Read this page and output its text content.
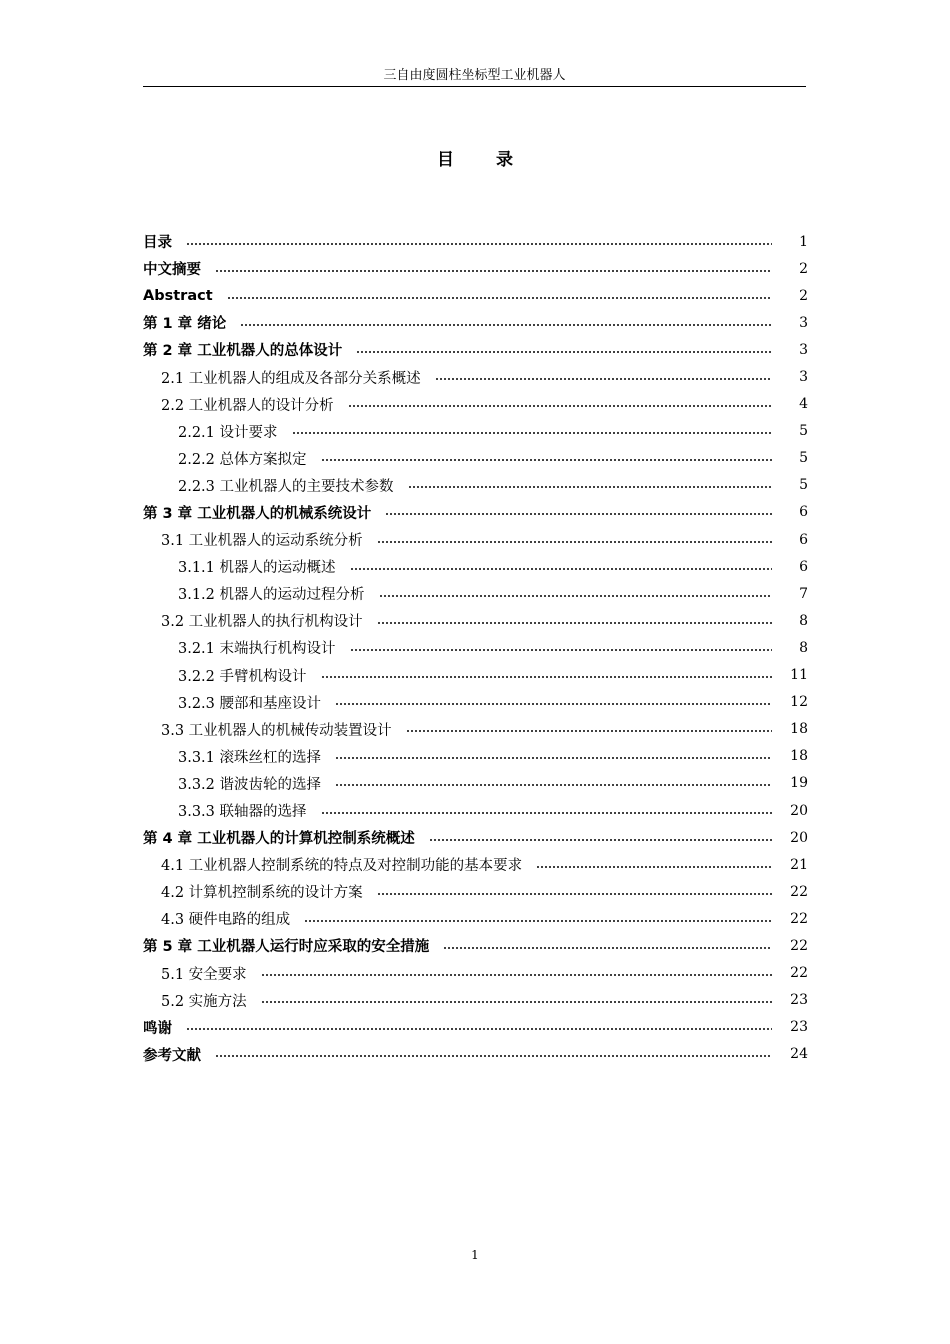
三自由度圆柱坐标型工业机器人
目 录
目录	1
中文摘要	2
Abstract	2
第 1 章 绪论	3
第 2 章 工业机器人的总体设计	3
2.1 工业机器人的组成及各部分关系概述	3
2.2 工业机器人的设计分析	4
2.2.1 设计要求	5
2.2.2 总体方案拟定	5
2.2.3 工业机器人的主要技术参数	5
第 3 章 工业机器人的机械系统设计	6
3.1 工业机器人的运动系统分析	6
3.1.1 机器人的运动概述	6
3.1.2 机器人的运动过程分析	7
3.2 工业机器人的执行机构设计	8
3.2.1 末端执行机构设计	8
3.2.2 手臂机构设计	11
3.2.3 腰部和基座设计	12
3.3 工业机器人的机械传动装置设计	18
3.3.1 滚珠丝杠的选择	18
3.3.2 谐波齿轮的选择	19
3.3.3 联轴器的选择	20
第 4 章 工业机器人的计算机控制系统概述	20
4.1 工业机器人控制系统的特点及对控制功能的基本要求	21
4.2 计算机控制系统的设计方案	22
4.3 硬件电路的组成	22
第 5 章 工业机器人运行时应采取的安全措施	22
5.1 安全要求	22
5.2 实施方法	23
鸣谢	23
参考文献	24
1
